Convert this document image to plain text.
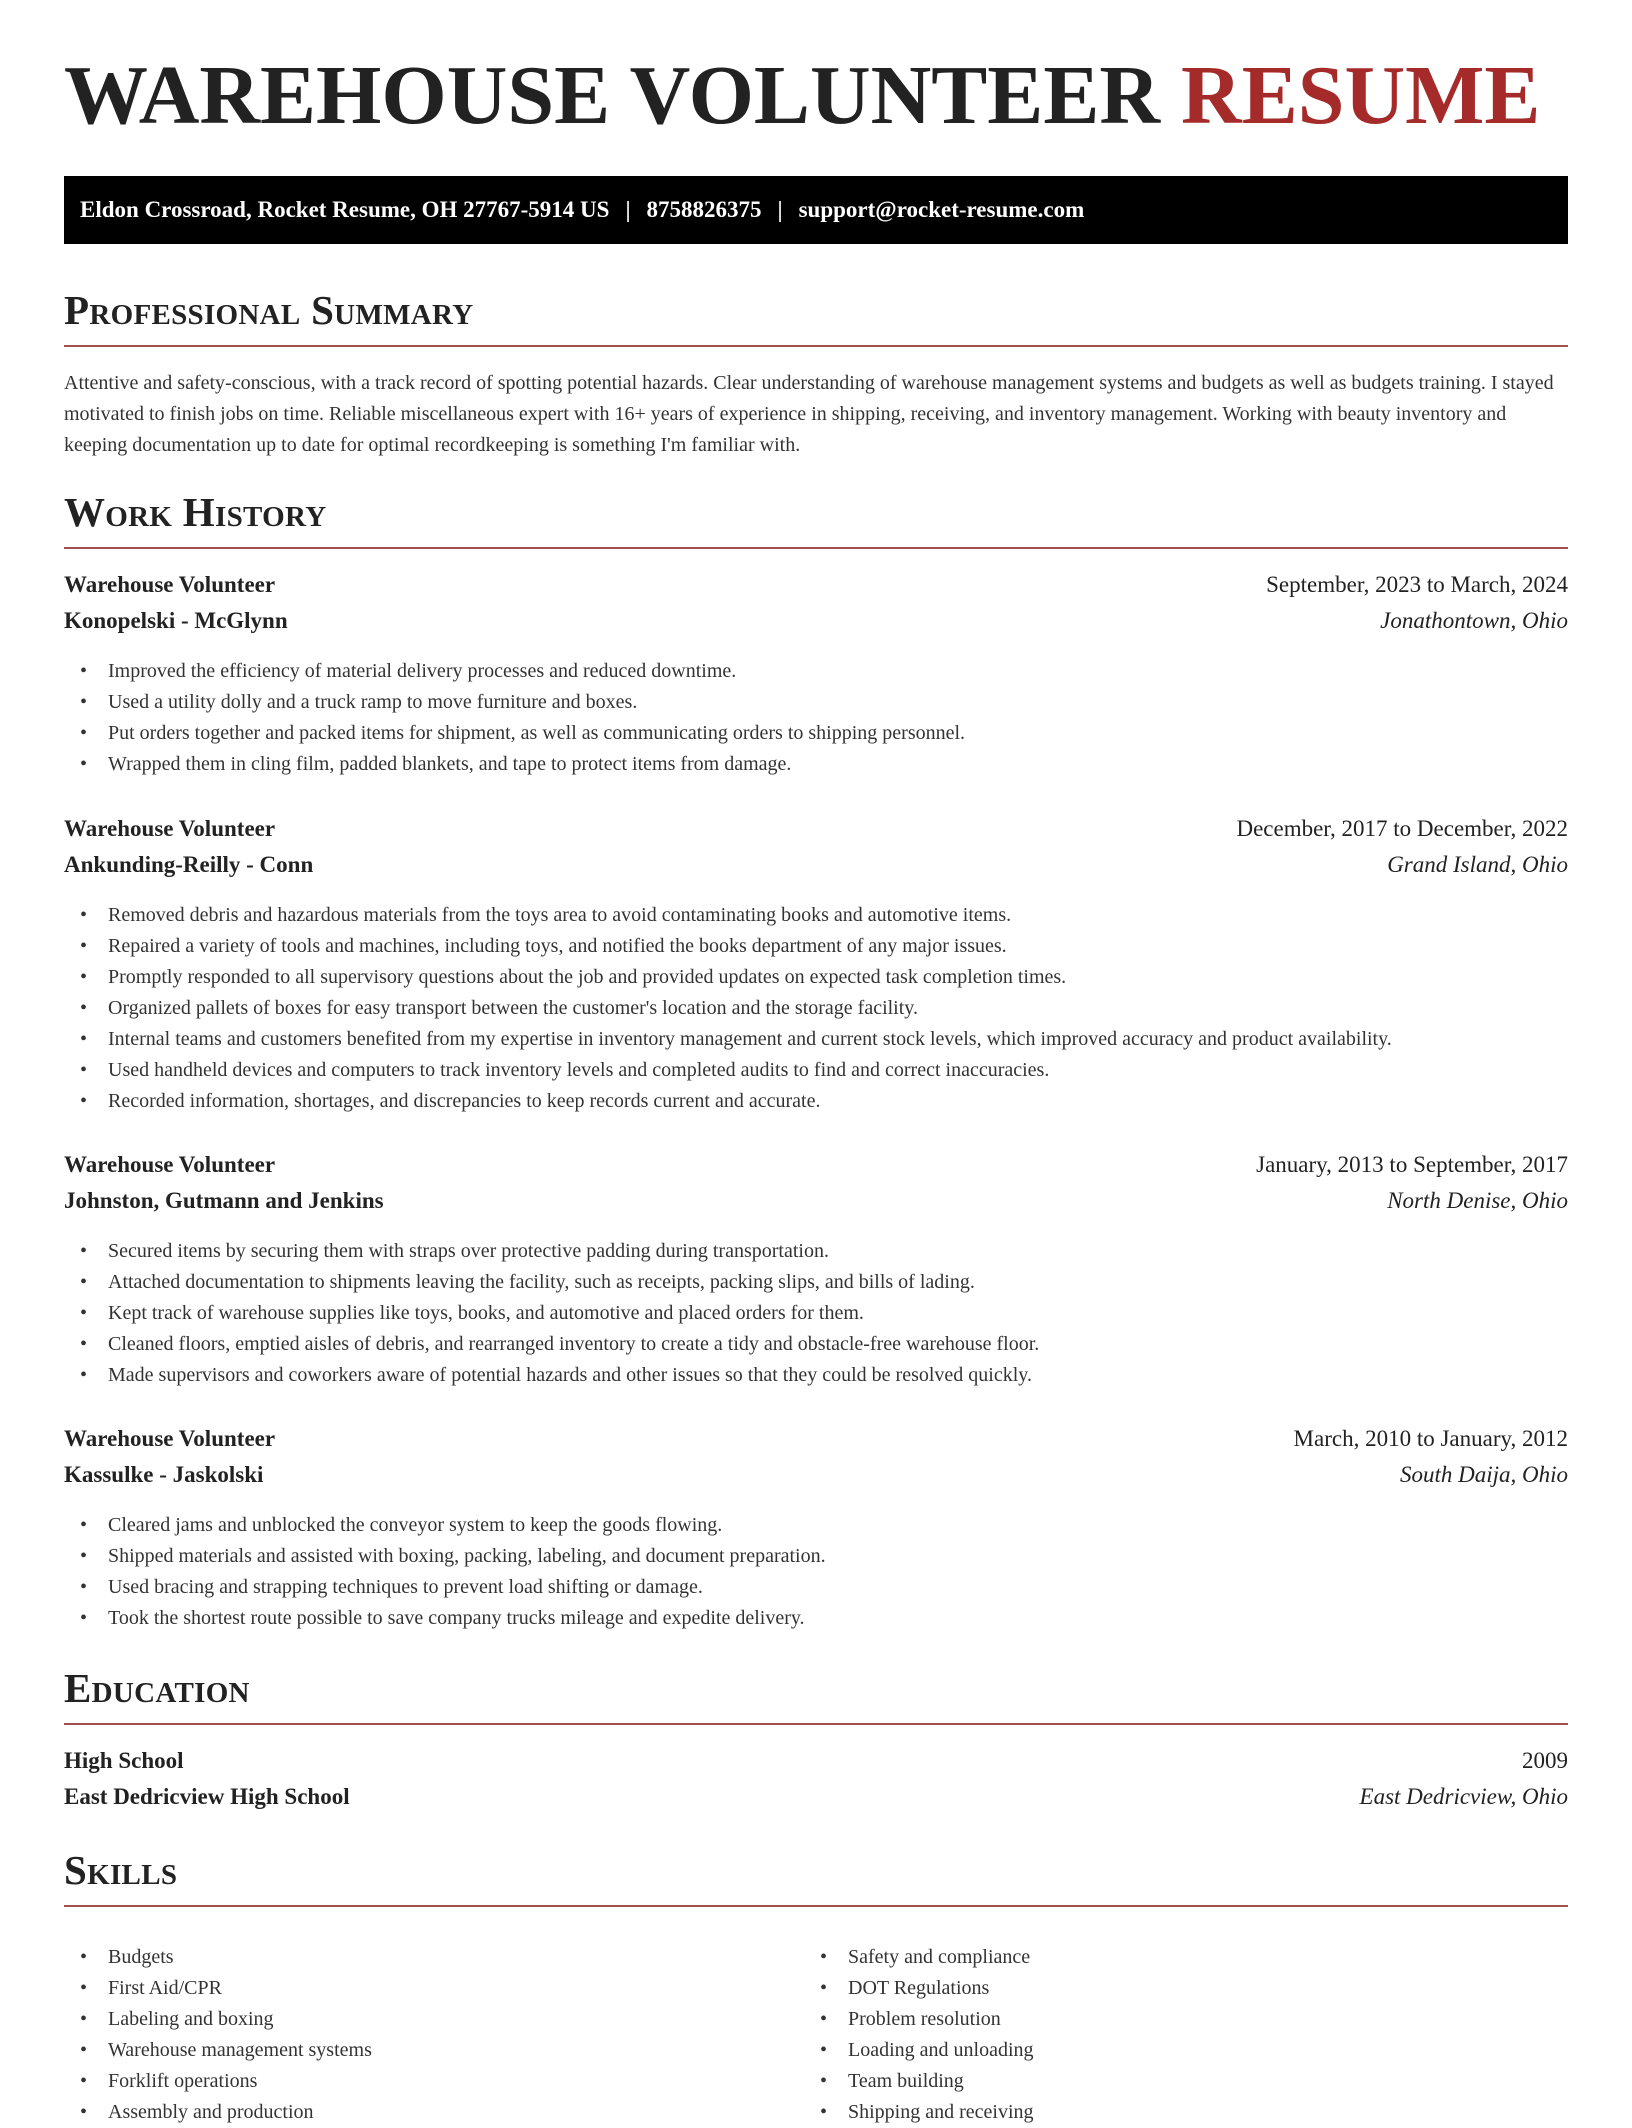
WAREHOUSE VOLUNTEER RESUME
Eldon Crossroad, Rocket Resume, OH 27767-5914 US | 8758826375 | support@rocket-resume.com
Professional Summary

Attentive and safety-conscious, with a track record of spotting potential hazards. Clear understanding of warehouse management systems and budgets as well as budgets training. I stayed motivated to finish jobs on time. Reliable miscellaneous expert with 16+ years of experience in shipping, receiving, and inventory management. Working with beauty inventory and keeping documentation up to date for optimal recordkeeping is something I'm familiar with.

Work History
Warehouse Volunteer	September, 2023 to March, 2024
Konopelski - McGlynn	Jonathontown, Ohio
• Improved the efficiency of material delivery processes and reduced downtime.
• Used a utility dolly and a truck ramp to move furniture and boxes.
• Put orders together and packed items for shipment, as well as communicating orders to shipping personnel.
• Wrapped them in cling film, padded blankets, and tape to protect items from damage.
Warehouse Volunteer	December, 2017 to December, 2022
Ankunding-Reilly - Conn	Grand Island, Ohio
• Removed debris and hazardous materials from the toys area to avoid contaminating books and automotive items.
• Repaired a variety of tools and machines, including toys, and notified the books department of any major issues.
• Promptly responded to all supervisory questions about the job and provided updates on expected task completion times.
• Organized pallets of boxes for easy transport between the customer's location and the storage facility.
• Internal teams and customers benefited from my expertise in inventory management and current stock levels, which improved accuracy and product availability.
• Used handheld devices and computers to track inventory levels and completed audits to find and correct inaccuracies.
• Recorded information, shortages, and discrepancies to keep records current and accurate.
Warehouse Volunteer	January, 2013 to September, 2017
Johnston, Gutmann and Jenkins	North Denise, Ohio
• Secured items by securing them with straps over protective padding during transportation.
• Attached documentation to shipments leaving the facility, such as receipts, packing slips, and bills of lading.
• Kept track of warehouse supplies like toys, books, and automotive and placed orders for them.
• Cleaned floors, emptied aisles of debris, and rearranged inventory to create a tidy and obstacle-free warehouse floor.
• Made supervisors and coworkers aware of potential hazards and other issues so that they could be resolved quickly.
Warehouse Volunteer	March, 2010 to January, 2012
Kassulke - Jaskolski	South Daija, Ohio
• Cleared jams and unblocked the conveyor system to keep the goods flowing.
• Shipped materials and assisted with boxing, packing, labeling, and document preparation.
• Used bracing and strapping techniques to prevent load shifting or damage.
• Took the shortest route possible to save company trucks mileage and expedite delivery.
Education
High School	2009
East Dedricview High School	East Dedricview, Ohio
Skills
• Budgets
• First Aid/CPR
• Labeling and boxing
• Warehouse management systems
• Forklift operations
• Assembly and production
• Safety and compliance
• DOT Regulations
• Problem resolution
• Loading and unloading
• Team building
• Shipping and receiving
